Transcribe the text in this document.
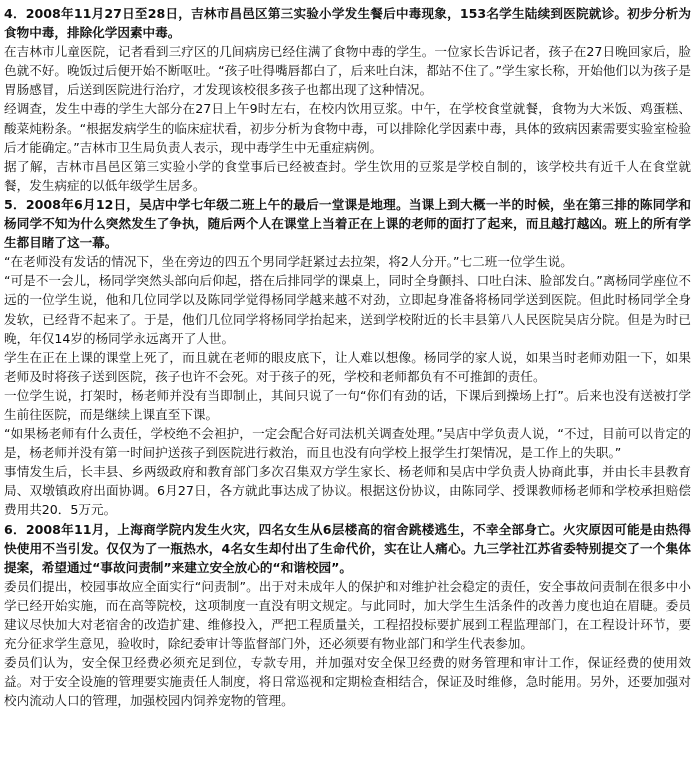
4．2008年11月27日至28日，吉林市昌邑区第三实验小学发生餐后中毒现象，153名学生陆续到医院就诊。初步分析为食物中毒，排除化学因素中毒。

在吉林市儿童医院，记者看到三疗区的几间病房已经住满了食物中毒的学生。一位家长告诉记者，孩子在27日晚回家后，脸色就不好。晚饭过后便开始不断呕吐。“孩子吐得嘴唇都白了，后来吐白沫，都站不住了。”学生家长称，开始他们以为孩子是胃肠感冒，后送到医院进行治疗，才发现该校很多孩子也都出现了这种情况。

经调查，发生中毒的学生大部分在27日上午9时左右，在校内饮用豆浆。中午，在学校食堂就餐，食物为大米饭、鸡蛋糕、酸菜炖粉条。“根据发病学生的临床症状看，初步分析为食物中毒，可以排除化学因素中毒，具体的致病因素需要实验室检验后才能确定。”吉林市卫生局负责人表示，现中毒学生中无重症病例。

据了解，吉林市昌邑区第三实验小学的食堂事后已经被查封。学生饮用的豆浆是学校自制的，该学校共有近千人在食堂就餐，发生病症的以低年级学生居多。

5．2008年6月12日，吴店中学七年级二班上午的最后一堂课是地理。当课上到大概一半的时候，坐在第三排的陈同学和杨同学不知为什么突然发生了争执，随后两个人在课堂上当着正在上课的老师的面打了起来，而且越打越凶。班上的所有学生都目睹了这一幕。

“在老师没有发话的情况下，坐在旁边的四五个男同学赶紧过去拉架，将2人分开。”七二班一位学生说。

“可是不一会儿，杨同学突然头部向后仰起，搭在后排同学的课桌上，同时全身颤抖、口吐白沫、脸部发白。”离杨同学座位不远的一位学生说，他和几位同学以及陈同学觉得杨同学越来越不对劲，立即起身准备将杨同学送到医院。但此时杨同学全身发软，已经背不起来了。于是，他们几位同学将杨同学抬起来，送到学校附近的长丰县第八人民医院吴店分院。但是为时已晚，年仅14岁的杨同学永远离开了人世。

学生在正在上课的课堂上死了，而且就在老师的眼皮底下，让人难以想像。杨同学的家人说，如果当时老师劝阻一下，如果老师及时将孩子送到医院，孩子也许不会死。对于孩子的死，学校和老师都负有不可推卸的责任。

一位学生说，打架时，杨老师并没有当即制止，其间只说了一句“你们有劲的话，下课后到操场上打”。后来也没有送被打学生前往医院，而是继续上课直至下课。

“如果杨老师有什么责任，学校绝不会袒护，一定会配合好司法机关调查处理。”吴店中学负责人说，“不过，目前可以肯定的是，杨老师并没有第一时间护送孩子到医院进行救治，而且也没有向学校上报学生打架情况，是工作上的失职。”

事情发生后，长丰县、乡两级政府和教育部门多次召集双方学生家长、杨老师和吴店中学负责人协商此事，并由长丰县教育局、双墩镇政府出面协调。6月27日，各方就此事达成了协议。根据这份协议，由陈同学、授课教师杨老师和学校承担赔偿费用共20．5万元。

6．2008年11月，上海商学院内发生火灾，四名女生从6层楼高的宿舍跳楼逃生，不幸全部身亡。火灾原因可能是由热得快使用不当引发。仅仅为了一瓶热水，4名女生却付出了生命代价，实在让人痛心。九三学社江苏省委特别提交了一个集体提案，希望通过“事故问责制”来建立安全放心的“和谐校园”。

委员们提出，校园事故应全面实行“问责制”。出于对未成年人的保护和对维护社会稳定的责任，安全事故问责制在很多中小学已经开始实施，而在高等院校，这项制度一直没有明文规定。与此同时，加大学生生活条件的改善力度也迫在眉睫。委员建议尽快加大对老宿舍的改造扩建、维修投入，严把工程质量关，工程招投标要扩展到工程监理部门，在工程设计环节，要充分征求学生意见，验收时，除纪委审计等监督部门外，还必须要有物业部门和学生代表参加。

委员们认为，安全保卫经费必须充足到位，专款专用，并加强对安全保卫经费的财务管理和审计工作，保证经费的使用效益。对于安全设施的管理要实施责任人制度，将日常巡视和定期检查相结合，保证及时维修，急时能用。另外，还要加强对校内流动人口的管理，加强校园内饲养宠物的管理。
